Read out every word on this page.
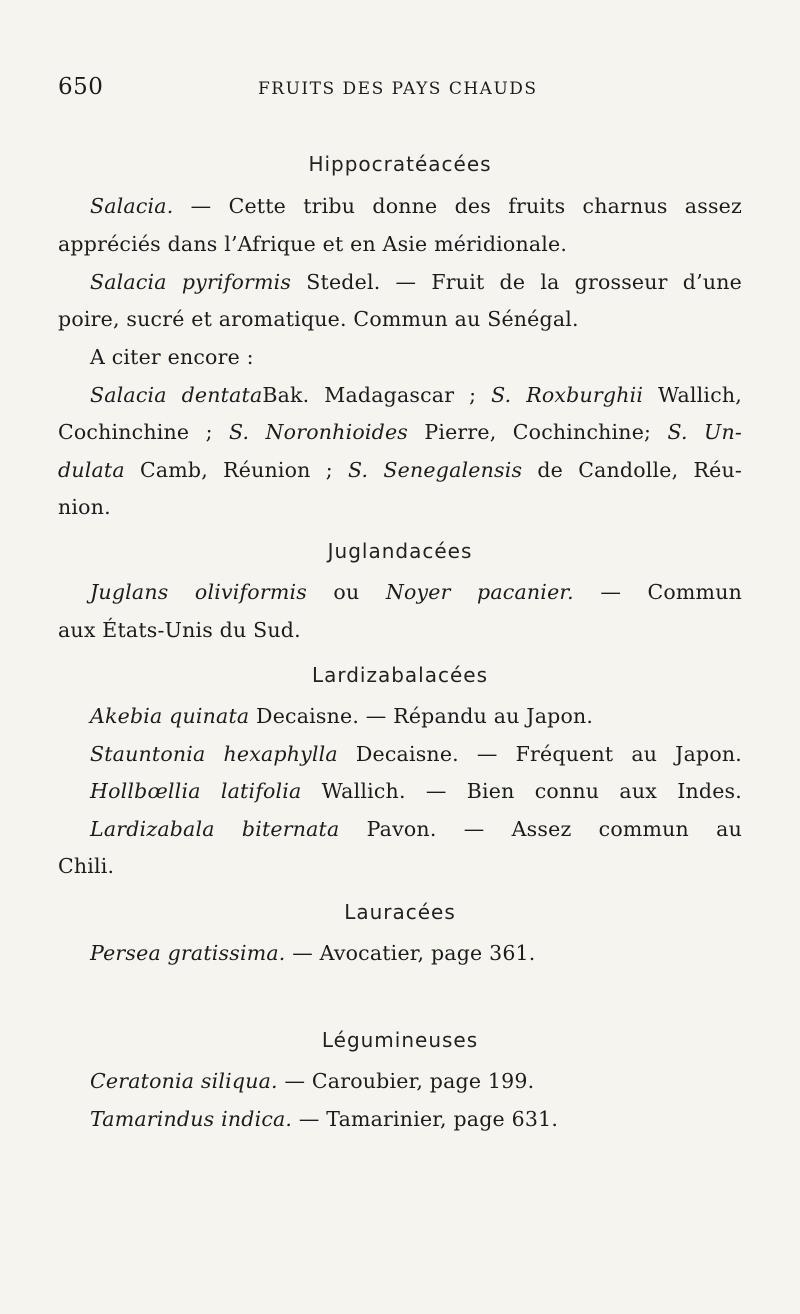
650	FRUITS DES PAYS CHAUDS
Hippocratéacées
Salacia. — Cette tribu donne des fruits charnus assez
appréciés dans l’Afrique et en Asie méridionale.
Salacia pyriformis Stedel. — Fruit de la grosseur d’une
poire, sucré et aromatique. Commun au Sénégal.
A citer encore :
Salacia dentataBak. Madagascar ; S. Roxburghii Wallich,
Cochinchine ; S. Noronhioides Pierre, Cochinchine; S. Un-
dulata Camb, Réunion ; S. Senegalensis de Candolle, Réu-
nion.
Juglandacées
Juglans oliviformis ou Noyer pacanier. — Commun
aux États-Unis du Sud.
Lardizabalacées
Akebia quinata Decaisne. — Répandu au Japon.
Stauntonia hexaphylla Decaisne. — Fréquent au Japon.
Hollbœllia latifolia Wallich. — Bien connu aux Indes.
Lardizabala biternata Pavon. — Assez commun au
Chili.
Lauracées
Persea gratissima. — Avocatier, page 361.
Légumineuses
Ceratonia siliqua. — Caroubier, page 199.
Tamarindus indica. — Tamarinier, page 631.
